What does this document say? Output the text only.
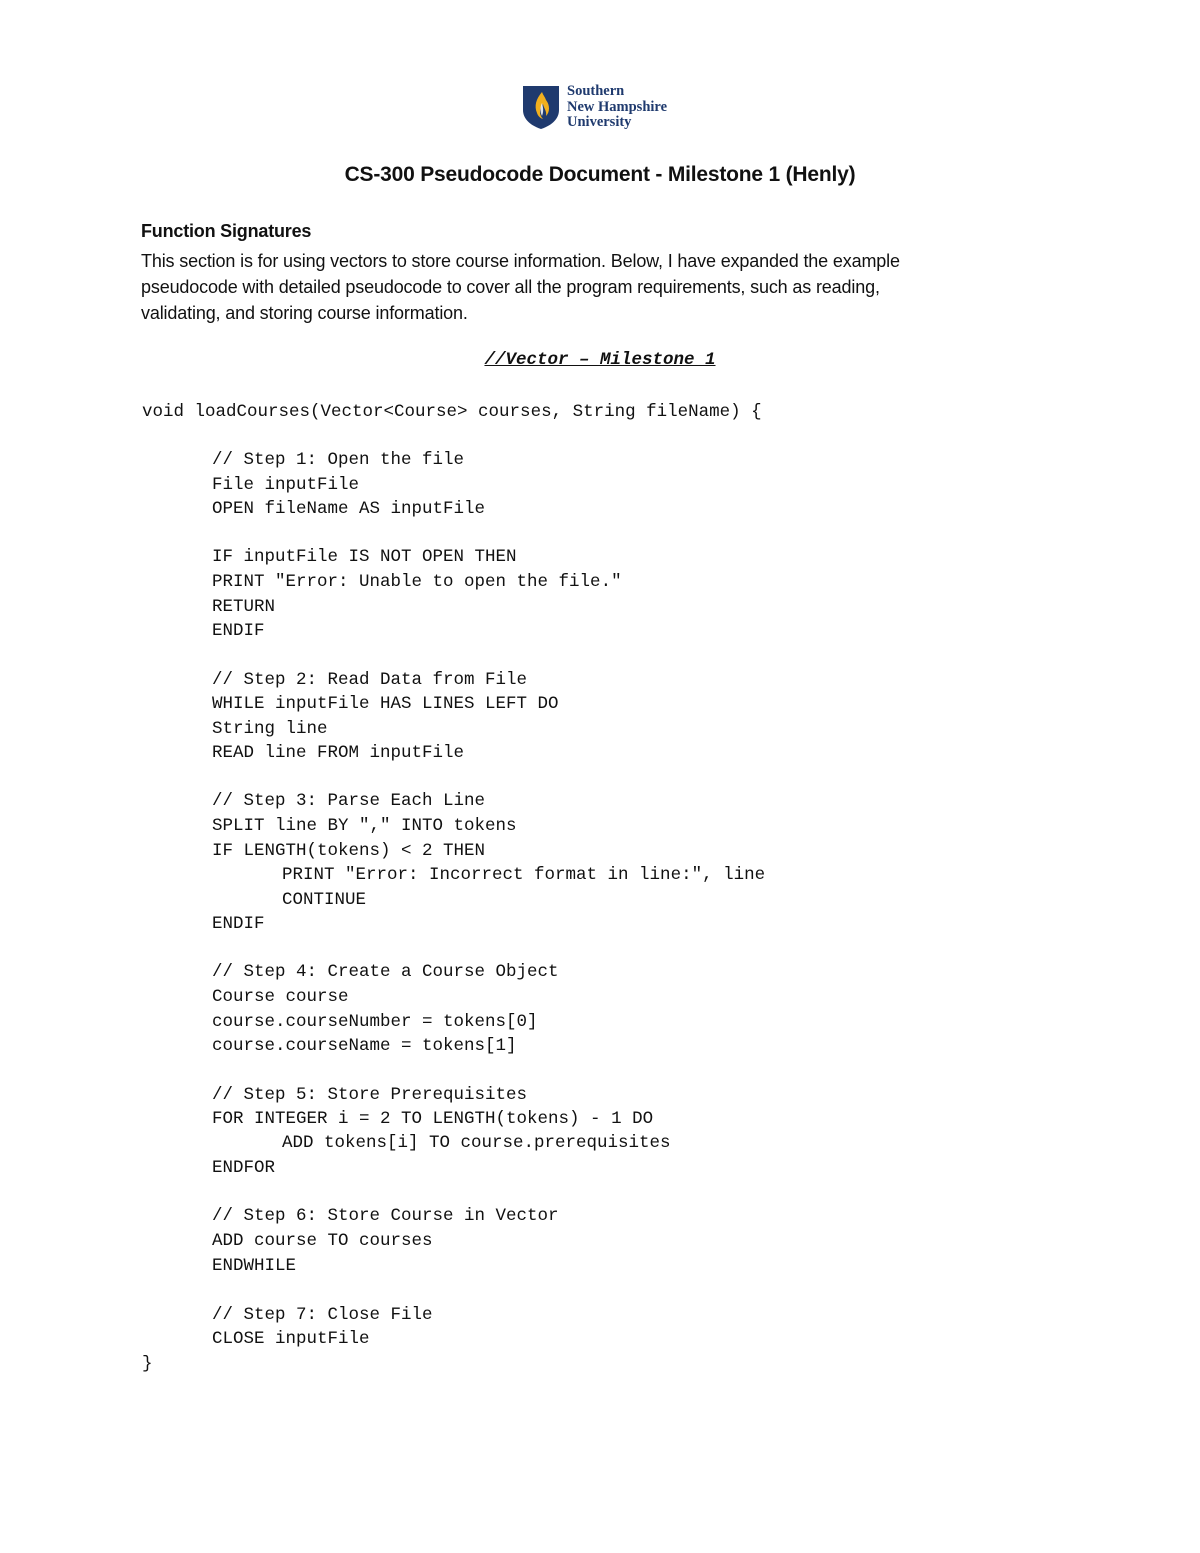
Southern
New Hampshire
University
CS-300 Pseudocode Document - Milestone 1 (Henly)
Function Signatures
This section is for using vectors to store course information. Below, I have expanded the example
pseudocode with detailed pseudocode to cover all the program requirements, such as reading,
validating, and storing course information.
//Vector – Milestone 1
void loadCourses(Vector<Course> courses, String fileName) {
// Step 1: Open the file
File inputFile
OPEN fileName AS inputFile
IF inputFile IS NOT OPEN THEN
PRINT "Error: Unable to open the file."
RETURN
ENDIF
// Step 2: Read Data from File
WHILE inputFile HAS LINES LEFT DO
String line
READ line FROM inputFile
// Step 3: Parse Each Line
SPLIT line BY "," INTO tokens
IF LENGTH(tokens) < 2 THEN
PRINT "Error: Incorrect format in line:", line
CONTINUE
ENDIF
// Step 4: Create a Course Object
Course course
course.courseNumber = tokens[0]
course.courseName = tokens[1]
// Step 5: Store Prerequisites
FOR INTEGER i = 2 TO LENGTH(tokens) - 1 DO
ADD tokens[i] TO course.prerequisites
ENDFOR
// Step 6: Store Course in Vector
ADD course TO courses
ENDWHILE
// Step 7: Close File
CLOSE inputFile
}
